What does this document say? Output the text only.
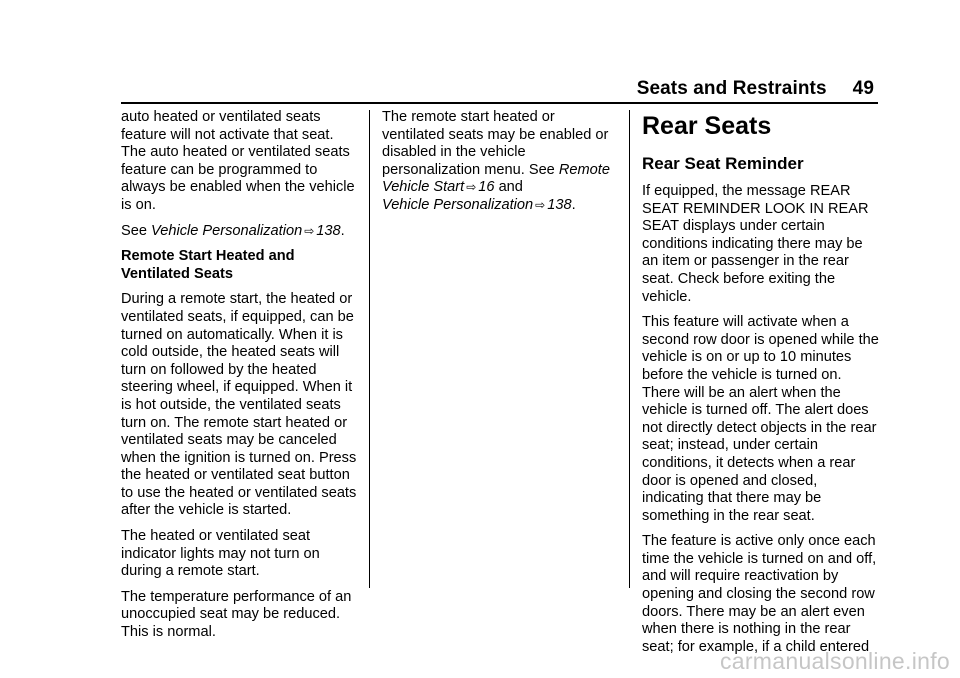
Seats and Restraints 49

auto heated or ventilated seats feature will not activate that seat. The auto heated or ventilated seats feature can be programmed to always be enabled when the vehicle is on.

See Vehicle Personalization ⇨ 138.

Remote Start Heated and Ventilated Seats

During a remote start, the heated or ventilated seats, if equipped, can be turned on automatically. When it is cold outside, the heated seats will turn on followed by the heated steering wheel, if equipped. When it is hot outside, the ventilated seats turn on. The remote start heated or ventilated seats may be canceled when the ignition is turned on. Press the heated or ventilated seat button to use the heated or ventilated seats after the vehicle is started.

The heated or ventilated seat indicator lights may not turn on during a remote start.

The temperature performance of an unoccupied seat may be reduced. This is normal.

The remote start heated or ventilated seats may be enabled or disabled in the vehicle personalization menu. See Remote Vehicle Start ⇨ 16 and
Vehicle Personalization ⇨ 138.

Rear Seats
Rear Seat Reminder

If equipped, the message REAR SEAT REMINDER LOOK IN REAR SEAT displays under certain conditions indicating there may be an item or passenger in the rear seat. Check before exiting the vehicle.

This feature will activate when a second row door is opened while the vehicle is on or up to 10 minutes before the vehicle is turned on. There will be an alert when the vehicle is turned off. The alert does not directly detect objects in the rear seat; instead, under certain conditions, it detects when a rear door is opened and closed, indicating that there may be something in the rear seat.

The feature is active only once each time the vehicle is turned on and off, and will require reactivation by opening and closing the second row doors. There may be an alert even when there is nothing in the rear seat; for example, if a child entered

carmanualsonline.info
